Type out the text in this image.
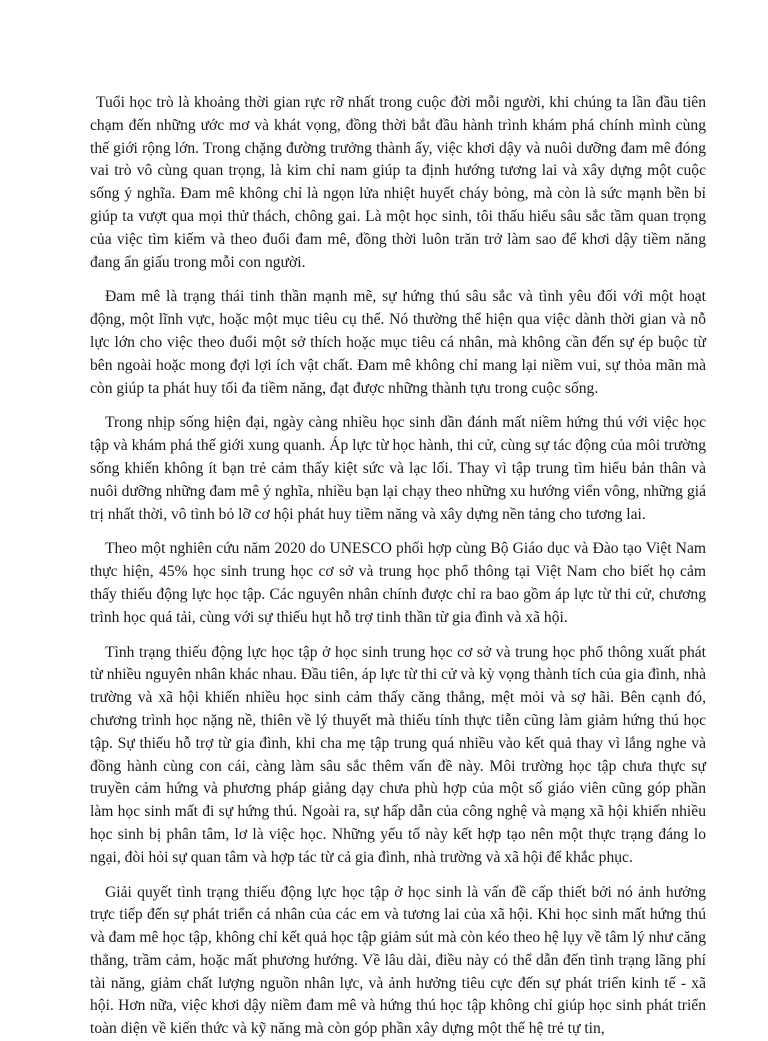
Tuổi học trò là khoảng thời gian rực rỡ nhất trong cuộc đời mỗi người, khi chúng ta lần đầu tiên chạm đến những ước mơ và khát vọng, đồng thời bắt đầu hành trình khám phá chính mình cùng thế giới rộng lớn. Trong chặng đường trưởng thành ấy, việc khơi dậy và nuôi dưỡng đam mê đóng vai trò vô cùng quan trọng, là kim chỉ nam giúp ta định hướng tương lai và xây dựng một cuộc sống ý nghĩa. Đam mê không chỉ là ngọn lửa nhiệt huyết cháy bỏng, mà còn là sức mạnh bền bỉ giúp ta vượt qua mọi thử thách, chông gai. Là một học sinh, tôi thấu hiểu sâu sắc tầm quan trọng của việc tìm kiếm và theo đuổi đam mê, đồng thời luôn trăn trở làm sao để khơi dậy tiềm năng đang ẩn giấu trong mỗi con người.

Đam mê là trạng thái tinh thần mạnh mẽ, sự hứng thú sâu sắc và tình yêu đối với một hoạt động, một lĩnh vực, hoặc một mục tiêu cụ thể. Nó thường thể hiện qua việc dành thời gian và nỗ lực lớn cho việc theo đuổi một sở thích hoặc mục tiêu cá nhân, mà không cần đến sự ép buộc từ bên ngoài hoặc mong đợi lợi ích vật chất. Đam mê không chỉ mang lại niềm vui, sự thỏa mãn mà còn giúp ta phát huy tối đa tiềm năng, đạt được những thành tựu trong cuộc sống.

Trong nhịp sống hiện đại, ngày càng nhiều học sinh dần đánh mất niềm hứng thú với việc học tập và khám phá thế giới xung quanh. Áp lực từ học hành, thi cử, cùng sự tác động của môi trường sống khiến không ít bạn trẻ cảm thấy kiệt sức và lạc lối. Thay vì tập trung tìm hiểu bản thân và nuôi dưỡng những đam mê ý nghĩa, nhiều bạn lại chạy theo những xu hướng viển vông, những giá trị nhất thời, vô tình bỏ lỡ cơ hội phát huy tiềm năng và xây dựng nền tảng cho tương lai.

Theo một nghiên cứu năm 2020 do UNESCO phối hợp cùng Bộ Giáo dục và Đào tạo Việt Nam thực hiện, 45% học sinh trung học cơ sở và trung học phổ thông tại Việt Nam cho biết họ cảm thấy thiếu động lực học tập. Các nguyên nhân chính được chỉ ra bao gồm áp lực từ thi cử, chương trình học quá tải, cùng với sự thiếu hụt hỗ trợ tinh thần từ gia đình và xã hội.

Tình trạng thiếu động lực học tập ở học sinh trung học cơ sở và trung học phổ thông xuất phát từ nhiều nguyên nhân khác nhau. Đầu tiên, áp lực từ thi cử và kỳ vọng thành tích của gia đình, nhà trường và xã hội khiến nhiều học sinh cảm thấy căng thẳng, mệt mỏi và sợ hãi. Bên cạnh đó, chương trình học nặng nề, thiên về lý thuyết mà thiếu tính thực tiễn cũng làm giảm hứng thú học tập. Sự thiếu hỗ trợ từ gia đình, khi cha mẹ tập trung quá nhiều vào kết quả thay vì lắng nghe và đồng hành cùng con cái, càng làm sâu sắc thêm vấn đề này. Môi trường học tập chưa thực sự truyền cảm hứng và phương pháp giảng dạy chưa phù hợp của một số giáo viên cũng góp phần làm học sinh mất đi sự hứng thú. Ngoài ra, sự hấp dẫn của công nghệ và mạng xã hội khiến nhiều học sinh bị phân tâm, lơ là việc học. Những yếu tố này kết hợp tạo nên một thực trạng đáng lo ngại, đòi hỏi sự quan tâm và hợp tác từ cả gia đình, nhà trường và xã hội để khắc phục.

Giải quyết tình trạng thiếu động lực học tập ở học sinh là vấn đề cấp thiết bởi nó ảnh hưởng trực tiếp đến sự phát triển cá nhân của các em và tương lai của xã hội. Khi học sinh mất hứng thú và đam mê học tập, không chỉ kết quả học tập giảm sút mà còn kéo theo hệ lụy về tâm lý như căng thẳng, trầm cảm, hoặc mất phương hướng. Về lâu dài, điều này có thể dẫn đến tình trạng lãng phí tài năng, giảm chất lượng nguồn nhân lực, và ảnh hưởng tiêu cực đến sự phát triển kinh tế - xã hội. Hơn nữa, việc khơi dậy niềm đam mê và hứng thú học tập không chỉ giúp học sinh phát triển toàn diện về kiến thức và kỹ năng mà còn góp phần xây dựng một thế hệ trẻ tự tin,
